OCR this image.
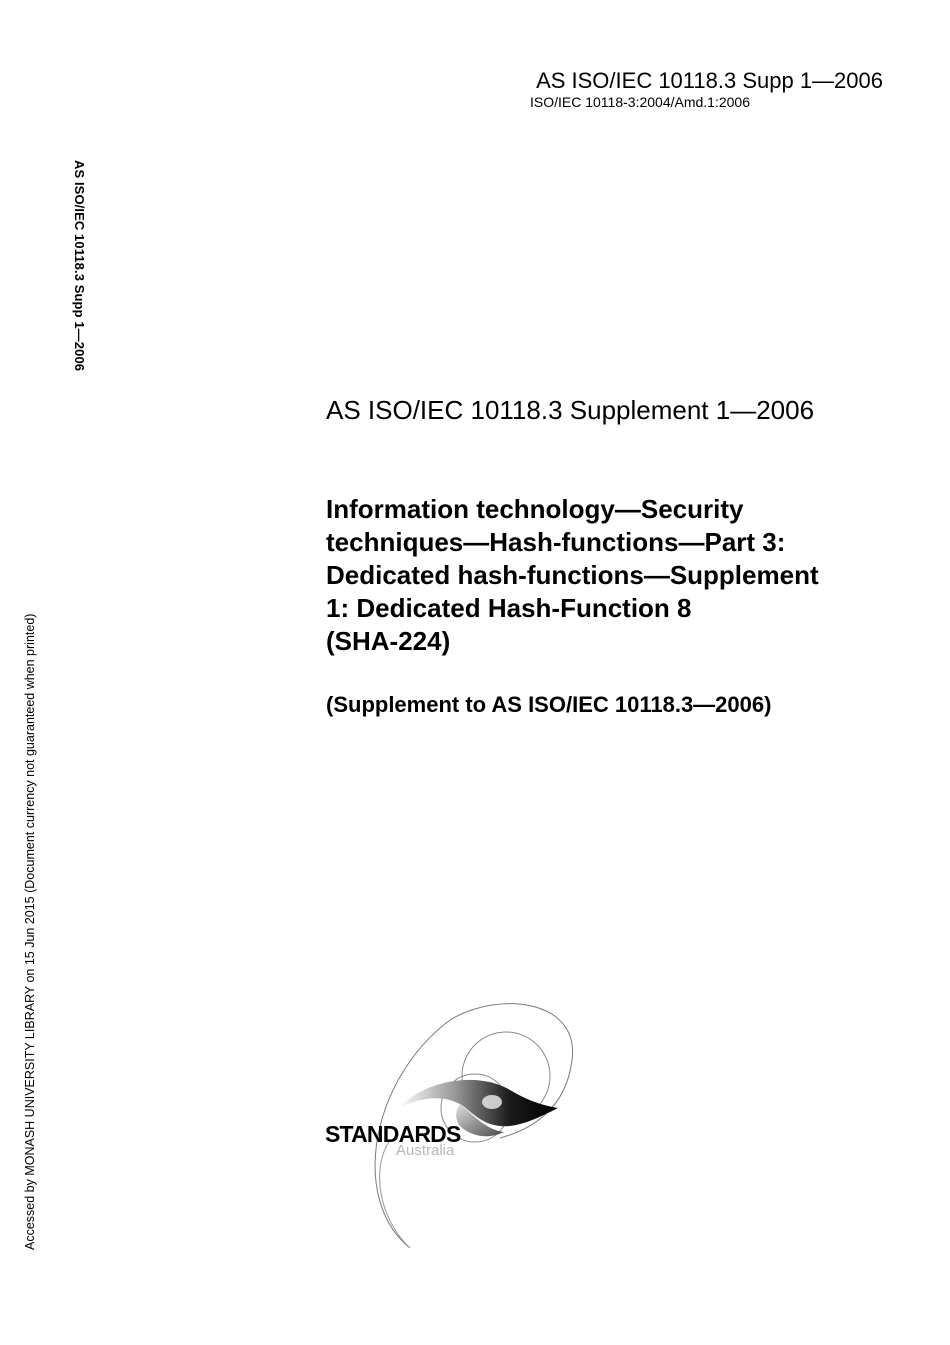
AS ISO/IEC 10118.3 Supp 1—2006
ISO/IEC 10118-3:2004/Amd.1:2006
AS ISO/IEC 10118.3 Supp 1—2006
Accessed by MONASH UNIVERSITY LIBRARY on 15 Jun 2015 (Document currency not guaranteed when printed)
AS ISO/IEC 10118.3 Supplement 1—2006
Information technology—Security
techniques—Hash-functions—Part 3:
Dedicated hash-functions—Supplement
1: Dedicated Hash-Function 8
(SHA-224)
(Supplement to AS ISO/IEC 10118.3—2006)
STANDARDS
Australia
